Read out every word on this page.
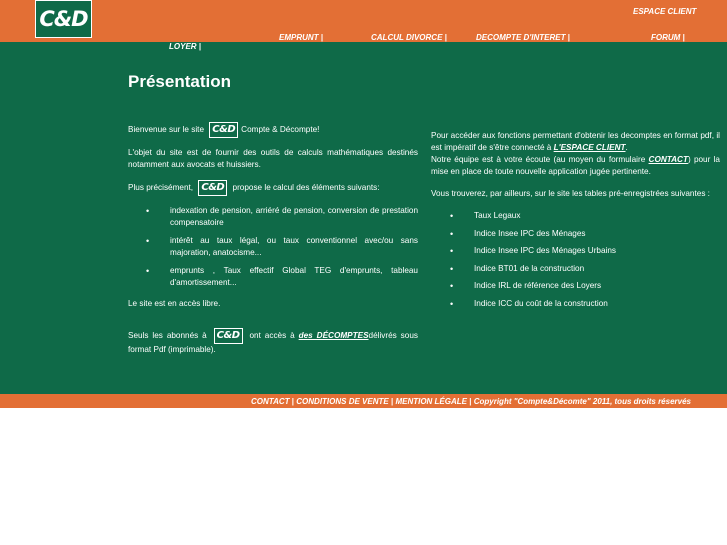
C&D	ESPACE CLIENT
EMPRUNT |	CALCUL DIVORCE |	DECOMPTE D'INTERET |	FORUM |
LOYER |
Présentation

Bienvenue sur le site C&D Compte & Décompte!

L'objet du site est de fournir des outils de calculs mathématiques destinés notamment aux avocats et huissiers.

Plus précisément, C&D propose le calcul des éléments suivants:

• indexation de pension, arriéré de pension, conversion de prestation compensatoire
• intérêt au taux légal, ou taux conventionnel avec/ou sans majoration, anatocisme...
• emprunts , Taux effectif Global TEG d'emprunts, tableau d'amortissement...

Le site est en accès libre.

Seuls les abonnés à C&D ont accès à des DÉCOMPTESdélivrés sous format Pdf (imprimable).

Pour accéder aux fonctions permettant d'obtenir les decomptes en format pdf, il est impératif de s'être connecté à L'ESPACE CLIENT.

Notre équipe est à votre écoute (au moyen du formulaire CONTACT) pour la mise en place de toute nouvelle application jugée pertinente.

Vous trouverez, par ailleurs, sur le site les tables pré-enregistrées suivantes :

• Taux Legaux
• Indice Insee IPC des Ménages
• Indice Insee IPC des Ménages Urbains
• Indice BT01 de la construction
• Indice IRL de référence des Loyers
• Indice ICC du coût de la construction
CONTACT | CONDITIONS DE VENTE | MENTION LÉGALE | Copyright "Compte&Décomte" 2011, tous droits réservés
